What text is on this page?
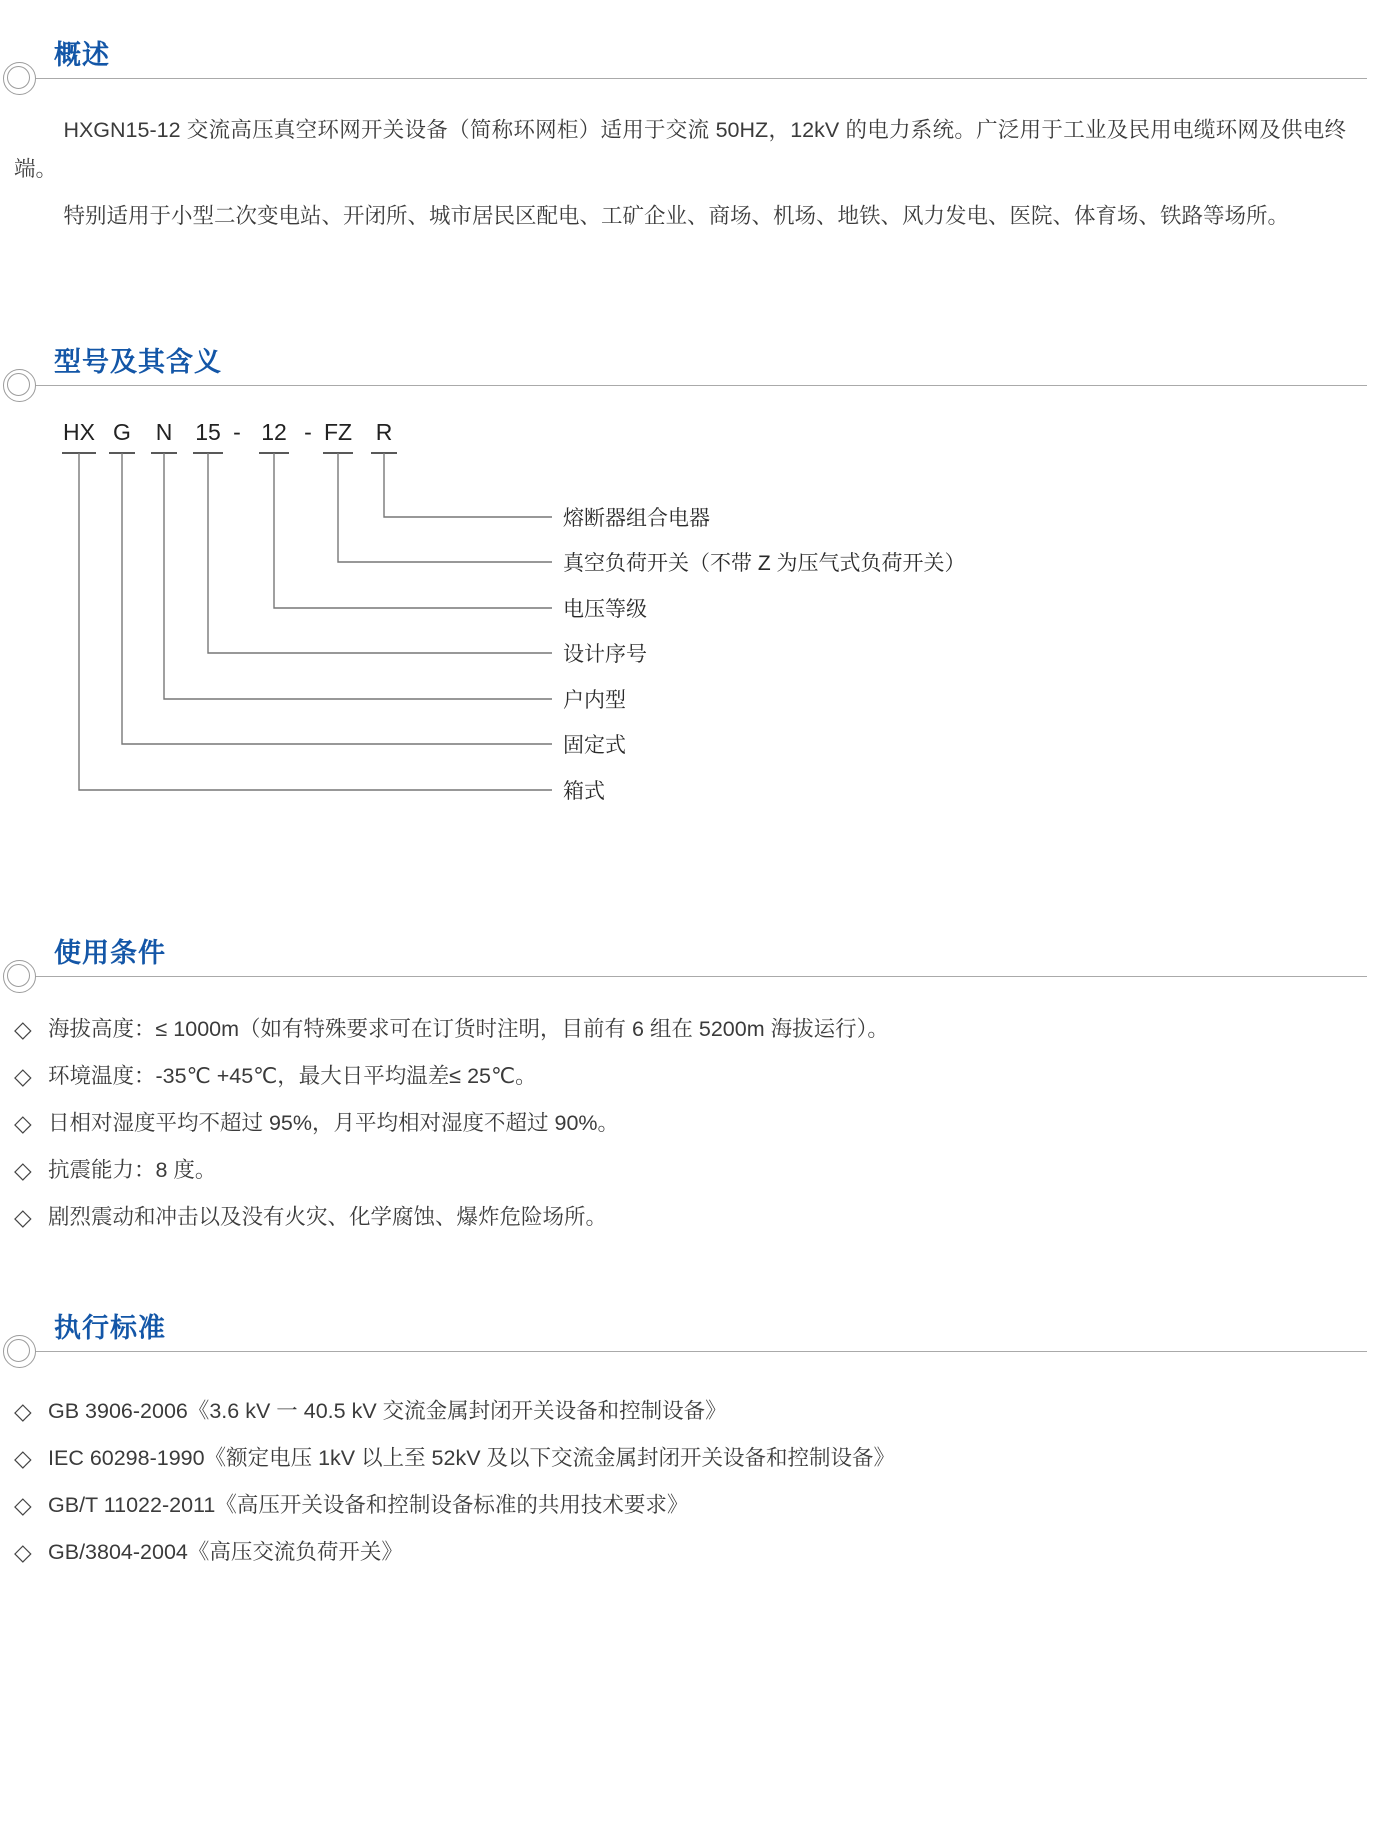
概述

HXGN15-12 交流高压真空环网开关设备（简称环网柜）适用于交流 50HZ，12kV 的电力系统。广泛用于工业及民用电缆环网及供电终端。

特别适用于小型二次变电站、开闭所、城市居民区配电、工矿企业、商场、机场、地铁、风力发电、医院、体育场、铁路等场所。

型号及其含义
HX G N 15 - 12 - FZ R
熔断器组合电器
真空负荷开关（不带 Z 为压气式负荷开关）
电压等级
设计序号
户内型
固定式
箱式
使用条件
◇ 海拔高度：≤ 1000m（如有特殊要求可在订货时注明，目前有 6 组在 5200m 海拔运行）。
◇ 环境温度：-35℃ +45℃，最大日平均温差≤ 25℃。
◇ 日相对湿度平均不超过 95%，月平均相对湿度不超过 90%。
◇ 抗震能力：8 度。
◇ 剧烈震动和冲击以及没有火灾、化学腐蚀、爆炸危险场所。
执行标准
◇ GB 3906-2006《3.6 kV 一 40.5 kV 交流金属封闭开关设备和控制设备》
◇ IEC 60298-1990《额定电压 1kV 以上至 52kV 及以下交流金属封闭开关设备和控制设备》
◇ GB/T 11022-2011《高压开关设备和控制设备标准的共用技术要求》
◇ GB/3804-2004《高压交流负荷开关》
